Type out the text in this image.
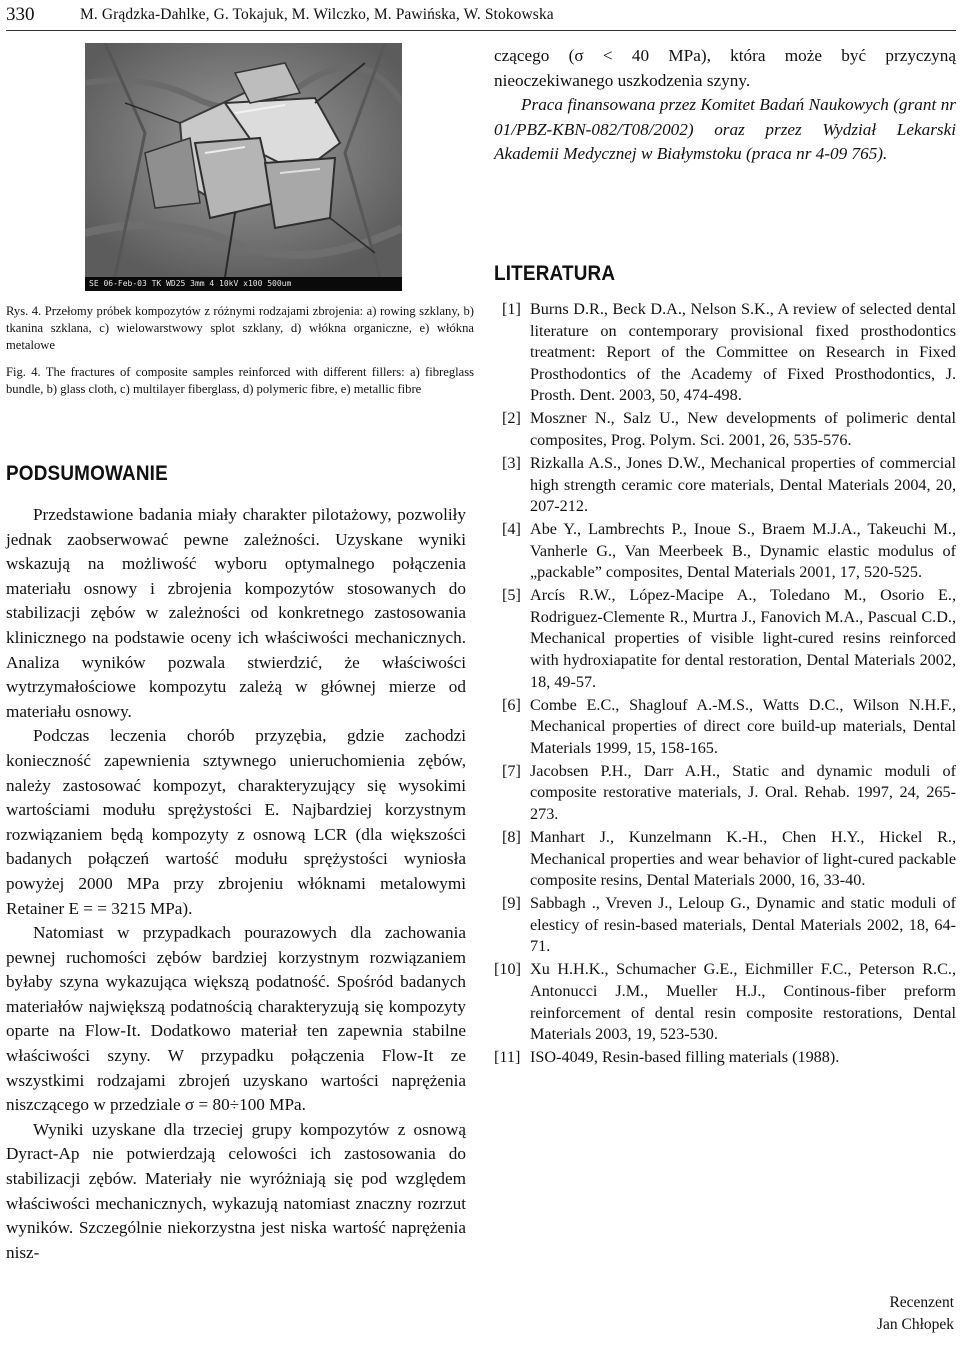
330	M. Grądzka-Dahlke, G. Tokajuk, M. Wilczko, M. Pawińska, W. Stokowska
SE 06-Feb-03 TK WD25 3mm 4 10kV x100 500um
Rys. 4. Przełomy próbek kompozytów z różnymi rodzajami zbrojenia: a) rowing szklany, b) tkanina szklana, c) wielowarstwowy splot szklany, d) włókna organiczne, e) włókna metalowe
Fig. 4. The fractures of composite samples reinforced with different fillers: a) fibreglass bundle, b) glass cloth, c) multilayer fiberglass, d) polymeric fibre, e) metallic fibre
PODSUMOWANIE

Przedstawione badania miały charakter pilotażowy, pozwoliły jednak zaobserwować pewne zależności. Uzyskane wyniki wskazują na możliwość wyboru optymalnego połączenia materiału osnowy i zbrojenia kompozytów stosowanych do stabilizacji zębów w zależności od konkretnego zastosowania klinicznego na podstawie oceny ich właściwości mechanicznych. Analiza wyników pozwala stwierdzić, że właściwości wytrzymałościowe kompozytu zależą w głównej mierze od materiału osnowy.

Podczas leczenia chorób przyzębia, gdzie zachodzi konieczność zapewnienia sztywnego unieruchomienia zębów, należy zastosować kompozyt, charakteryzujący się wysokimi wartościami modułu sprężystości E. Najbardziej korzystnym rozwiązaniem będą kompozyty z osnową LCR (dla większości badanych połączeń wartość modułu sprężystości wyniosła powyżej 2000 MPa przy zbrojeniu włóknami metalowymi Retainer E = = 3215 MPa).

Natomiast w przypadkach pourazowych dla zachowania pewnej ruchomości zębów bardziej korzystnym rozwiązaniem byłaby szyna wykazująca większą podatność. Spośród badanych materiałów największą podatnością charakteryzują się kompozyty oparte na Flow-It. Dodatkowo materiał ten zapewnia stabilne właściwości szyny. W przypadku połączenia Flow-It ze wszystkimi rodzajami zbrojeń uzyskano wartości naprężenia niszczącego w przedziale σ = 80÷100 MPa.

Wyniki uzyskane dla trzeciej grupy kompozytów z osnową Dyract-Ap nie potwierdzają celowości ich zastosowania do stabilizacji zębów. Materiały nie wyróżniają się pod względem właściwości mechanicznych, wykazują natomiast znaczny rozrzut wyników. Szczególnie niekorzystna jest niska wartość naprężenia nisz-

czącego (σ < 40 MPa), która może być przyczyną nieoczekiwanego uszkodzenia szyny.

Praca finansowana przez Komitet Badań Naukowych (grant nr 01/PBZ-KBN-082/T08/2002) oraz przez Wydział Lekarski Akademii Medycznej w Białymstoku (praca nr 4-09 765).

LITERATURA
[1] Burns D.R., Beck D.A., Nelson S.K., A review of selected dental literature on contemporary provisional fixed prosthodontics treatment: Report of the Committee on Research in Fixed Prosthodontics of the Academy of Fixed Prosthodontics, J. Prosth. Dent. 2003, 50, 474-498.
[2] Moszner N., Salz U., New developments of polimeric dental composites, Prog. Polym. Sci. 2001, 26, 535-576.
[3] Rizkalla A.S., Jones D.W., Mechanical properties of commercial high strength ceramic core materials, Dental Materials 2004, 20, 207-212.
[4] Abe Y., Lambrechts P., Inoue S., Braem M.J.A., Takeuchi M., Vanherle G., Van Meerbeek B., Dynamic elastic modulus of „packable” composites, Dental Materials 2001, 17, 520-525.
[5] Arcís R.W., López-Macipe A., Toledano M., Osorio E., Rodriguez-Clemente R., Murtra J., Fanovich M.A., Pascual C.D., Mechanical properties of visible light-cured resins reinforced with hydroxiapatite for dental restoration, Dental Materials 2002, 18, 49-57.
[6] Combe E.C., Shaglouf A.-M.S., Watts D.C., Wilson N.H.F., Mechanical properties of direct core build-up materials, Dental Materials 1999, 15, 158-165.
[7] Jacobsen P.H., Darr A.H., Static and dynamic moduli of composite restorative materials, J. Oral. Rehab. 1997, 24, 265-273.
[8] Manhart J., Kunzelmann K.-H., Chen H.Y., Hickel R., Mechanical properties and wear behavior of light-cured packable composite resins, Dental Materials 2000, 16, 33-40.
[9] Sabbagh ., Vreven J., Leloup G., Dynamic and static moduli of elesticy of resin-based materials, Dental Materials 2002, 18, 64-71.
[10] Xu H.H.K., Schumacher G.E., Eichmiller F.C., Peterson R.C., Antonucci J.M., Mueller H.J., Continous-fiber preform reinforcement of dental resin composite restorations, Dental Materials 2003, 19, 523-530.
[11] ISO-4049, Resin-based filling materials (1988).
Recenzent
Jan Chłopek
